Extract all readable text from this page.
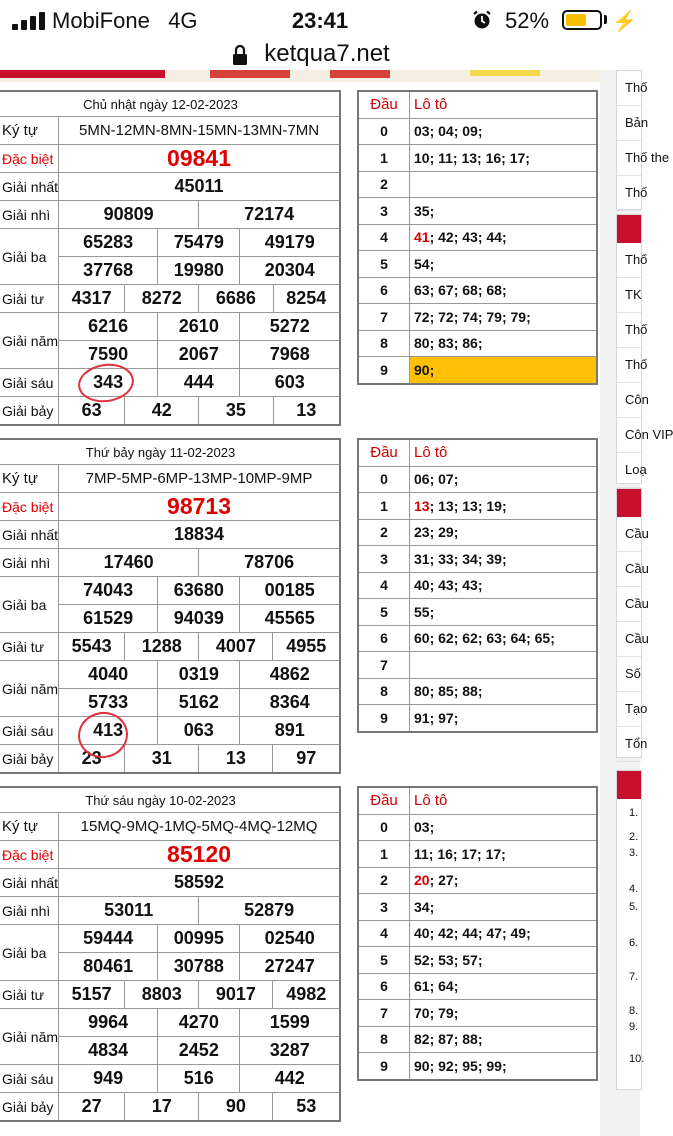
MobiFone 4G	23:41	52%	⚡
ketqua7.net
Thố
Bản
Thố the
Thố
Thố
TK
Thố
Thố
Côn
Côn VIP
Loạ
Cầu
Cầu
Cầu
Cầu
Số
Tạo
Tổn
1.
2.
3.
4.
5.
6.
7.
8.
9.
10.
Chủ nhật ngày 12-02-2023						

Ký tự	5MN-12MN-8MN-15MN-13MN-7MN					

Đặc biệt	09841					

Giải nhất	45011					

Giải nhì	90809			72174		

Giải ba	65283		75479		49179	
	37768		19980		20304	

Giải tư	4317	8272		6686		8254

Giải năm	6216		2610		5272	
	7590		2067		7968	

Giải sáu	343		444		603	

Giải bảy	63	42		35		13
Đầu	Lô tô
0	03; 04; 09;
1	10; 11; 13; 16; 17;
2	
3	35;
4	41; 42; 43; 44;
5	54;
6	63; 67; 68; 68;
7	72; 72; 74; 79; 79;
8	80; 83; 86;
9	90;
Thứ bảy ngày 11-02-2023						

Ký tự	7MP-5MP-6MP-13MP-10MP-9MP					

Đặc biệt	98713					

Giải nhất	18834					

Giải nhì	17460			78706		

Giải ba	74043		63680		00185	
	61529		94039		45565	

Giải tư	5543	1288		4007		4955

Giải năm	4040		0319		4862	
	5733		5162		8364	

Giải sáu	413		063		891	

Giải bảy	23	31		13		97
Đầu	Lô tô
0	06; 07;
1	13; 13; 13; 19;
2	23; 29;
3	31; 33; 34; 39;
4	40; 43; 43;
5	55;
6	60; 62; 62; 63; 64; 65;
7	
8	80; 85; 88;
9	91; 97;
Thứ sáu ngày 10-02-2023						

Ký tự	15MQ-9MQ-1MQ-5MQ-4MQ-12MQ					

Đặc biệt	85120					

Giải nhất	58592					

Giải nhì	53011			52879		

Giải ba	59444		00995		02540	
	80461		30788		27247	

Giải tư	5157	8803		9017		4982

Giải năm	9964		4270		1599	
	4834		2452		3287	

Giải sáu	949		516		442	

Giải bảy	27	17		90		53
Đầu	Lô tô
0	03;
1	11; 16; 17; 17;
2	20; 27;
3	34;
4	40; 42; 44; 47; 49;
5	52; 53; 57;
6	61; 64;
7	70; 79;
8	82; 87; 88;
9	90; 92; 95; 99;
